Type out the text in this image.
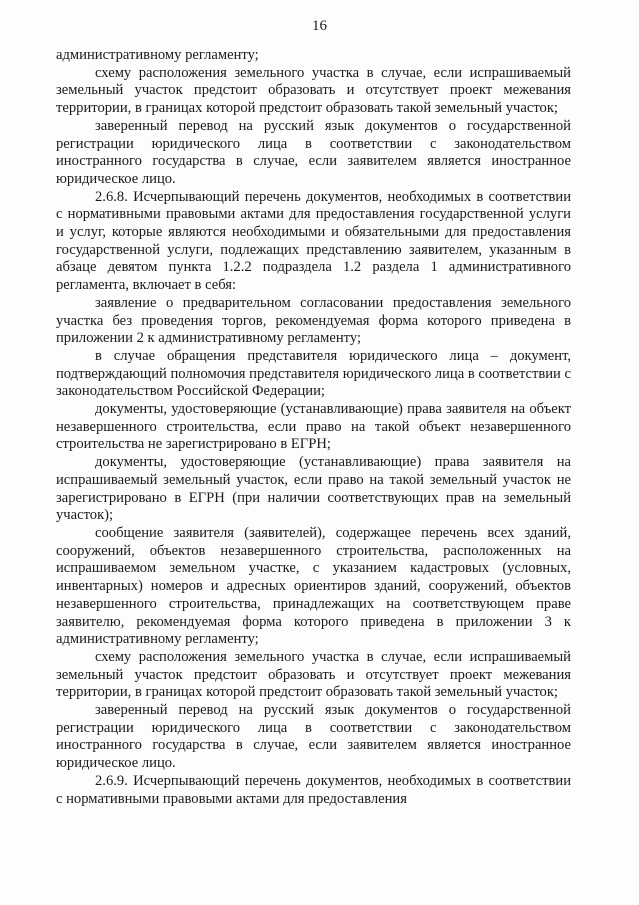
16

административному регламенту;

схему расположения земельного участка в случае, если испрашиваемый земельный участок предстоит образовать и отсутствует проект межевания территории, в границах которой предстоит образовать такой земельный участок;

заверенный перевод на русский язык документов о государственной регистрации юридического лица в соответствии с законодательством иностранного государства в случае, если заявителем является иностранное юридическое лицо.

2.6.8. Исчерпывающий перечень документов, необходимых в соответствии с нормативными правовыми актами для предоставления государственной услуги и услуг, которые являются необходимыми и обязательными для предоставления государственной услуги, подлежащих представлению заявителем, указанным в абзаце девятом пункта 1.2.2 подраздела 1.2 раздела 1 административного регламента, включает в себя:

заявление о предварительном согласовании предоставления земельного участка без проведения торгов, рекомендуемая форма которого приведена в приложении 2 к административному регламенту;

в случае обращения представителя юридического лица – документ, подтверждающий полномочия представителя юридического лица в соответствии с законодательством Российской Федерации;

документы, удостоверяющие (устанавливающие) права заявителя на объект незавершенного строительства, если право на такой объект незавершенного строительства не зарегистрировано в ЕГРН;

документы, удостоверяющие (устанавливающие) права заявителя на испрашиваемый земельный участок, если право на такой земельный участок не зарегистрировано в ЕГРН (при наличии соответствующих прав на земельный участок);

сообщение заявителя (заявителей), содержащее перечень всех зданий, сооружений, объектов незавершенного строительства, расположенных на испрашиваемом земельном участке, с указанием кадастровых (условных, инвентарных) номеров и адресных ориентиров зданий, сооружений, объектов незавершенного строительства, принадлежащих на соответствующем праве заявителю, рекомендуемая форма которого приведена в приложении 3 к административному регламенту;

схему расположения земельного участка в случае, если испрашиваемый земельный участок предстоит образовать и отсутствует проект межевания территории, в границах которой предстоит образовать такой земельный участок;

заверенный перевод на русский язык документов о государственной регистрации юридического лица в соответствии с законодательством иностранного государства в случае, если заявителем является иностранное юридическое лицо.

2.6.9. Исчерпывающий перечень документов, необходимых в соответствии с нормативными правовыми актами для предоставления
